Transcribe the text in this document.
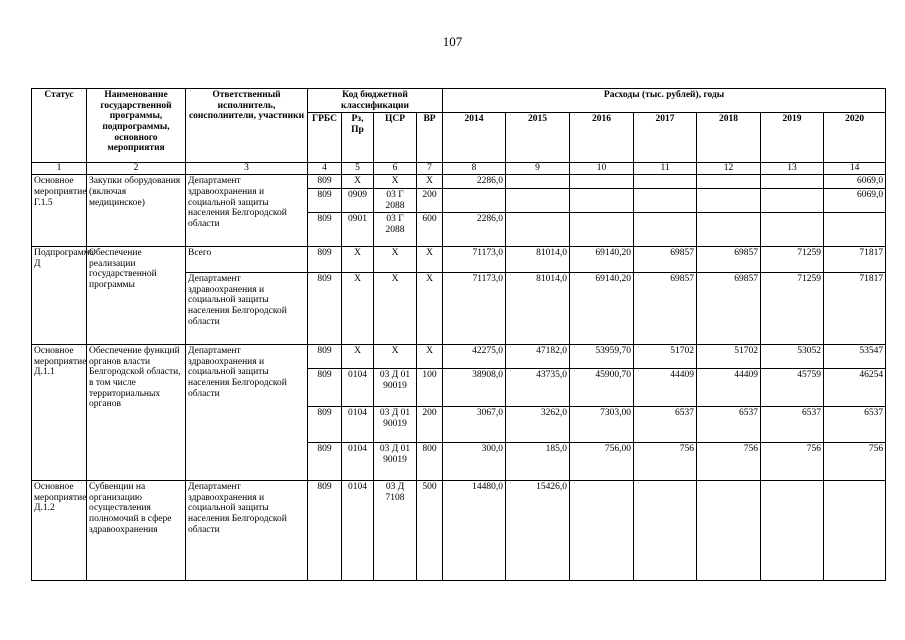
107
Статус	Наименование государственной программы, подпрограммы, основного мероприятия	Ответственный исполнитель, соисполнители, участники	Код бюджетной классификации				Расходы (тыс. рублей), годы						
			ГРБС	Рз, Пр	ЦСР	ВР	2014	2015	2016	2017	2018	2019	2020
1	2	3	4	5	6	7	8	9	10	11	12	13	14
Основное мероприятие Г.1.5	Закупки оборудования (включая медицинское)	Департамент здравоохранения и социальной защиты населения Белгородской области	809	Х	Х	Х	2286,0						6069,0
			809	0909	03 Г 2088	200							6069,0
			809	0901	03 Г 2088	600	2286,0						
Подпрограмма Д	Обеспечение реализации государственной программы	Всего	809	Х	Х	Х	71173,0	81014,0	69140,20	69857	69857	71259	71817
		Департамент здравоохранения и социальной защиты населения Белгородской области	809	Х	Х	Х	71173,0	81014,0	69140,20	69857	69857	71259	71817
Основное мероприятие Д.1.1	Обеспечение функций органов власти Белгородской области, в том числе территориальных органов	Департамент здравоохранения и социальной защиты населения Белгородской области	809	Х	Х	Х	42275,0	47182,0	53959,70	51702	51702	53052	53547
			809	0104	03 Д 01 90019	100	38908,0	43735,0	45900,70	44409	44409	45759	46254
			809	0104	03 Д 01 90019	200	3067,0	3262,0	7303,00	6537	6537	6537	6537
			809	0104	03 Д 01 90019	800	300,0	185,0	756,00	756	756	756	756
Основное мероприятие Д.1.2	Субвенции на организацию осуществления полномочий в сфере здравоохранения	Департамент здравоохранения и социальной защиты населения Белгородской области	809	0104	03 Д 7108	500	14480,0	15426,0					
